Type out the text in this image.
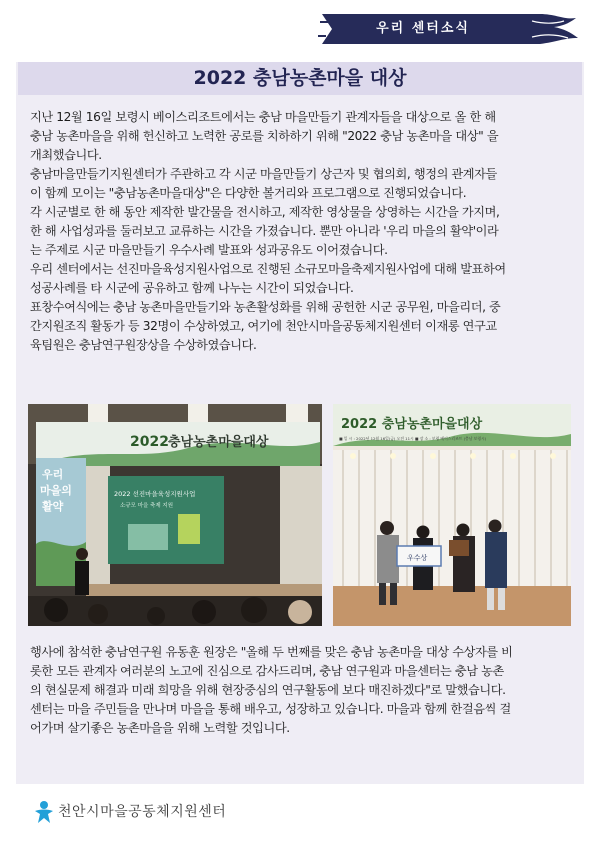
우리 센터소식
2022 충남농촌마을 대상

지난 12월 16일 보령시 베이스리조트에서는 충남 마을만들기 관계자들을 대상으로 올 한 해

충남 농촌마을을 위해 헌신하고 노력한 공로를 치하하기 위해 "2022 충남 농촌마을 대상" 을

개최했습니다.

충남마을만들기지원센터가 주관하고 각 시군 마을만들기 상근자 및 협의회, 행정의 관계자들

이 함께 모이는 "충남농촌마을대상"은 다양한 볼거리와 프로그램으로 진행되었습니다.

각 시군별로 한 해 동안 제작한 발간물을 전시하고, 제작한 영상물을 상영하는 시간을 가지며,

한 해 사업성과를 둘러보고 교류하는 시간을 가졌습니다. 뿐만 아니라 '우리 마을의 활약'이라

는 주제로 시군 마을만들기 우수사례 발표와 성과공유도 이어졌습니다.

우리 센터에서는 선진마을육성지원사업으로 진행된 소규모마을축제지원사업에 대해 발표하여

성공사례를 타 시군에 공유하고 함께 나누는 시간이 되었습니다.

표창수여식에는 충남 농촌마을만들기와 농촌활성화를 위해 공헌한 시군 공무원, 마을리더, 중

간지원조직 활동가 등 32명이 수상하였고, 여기에 천안시마을공동체지원센터 이재롱 연구교

육팀원은 충남연구원장상을 수상하였습니다.

2022 충남농촌마을대상
우리
마을의
활약
2022 선진마을육성지원사업
소규모 마을 축제 지원
2022 충남농촌마을대상
■ 일 시 : 2022년 12월 16일(금) 오전 11시 ■ 장 소 : 보령 베이스리조트 (충남 보령시)
우수상

행사에 참석한 충남연구원 유동훈 원장은 "올해 두 번째를 맞은 충남 농촌마을 대상 수상자를 비

롯한 모든 관계자 여러분의 노고에 진심으로 감사드리며, 충남 연구원과 마을센터는 충남 농촌

의 현실문제 해결과 미래 희망을 위해 현장중심의 연구활동에 보다 매진하겠다"로 말했습니다.

센터는 마을 주민들을 만나며 마을을 통해 배우고, 성장하고 있습니다. 마을과 함께 한걸음씩 걸

어가며 살기좋은 농촌마을을 위해 노력할 것입니다.

천안시마을공동체지원센터
